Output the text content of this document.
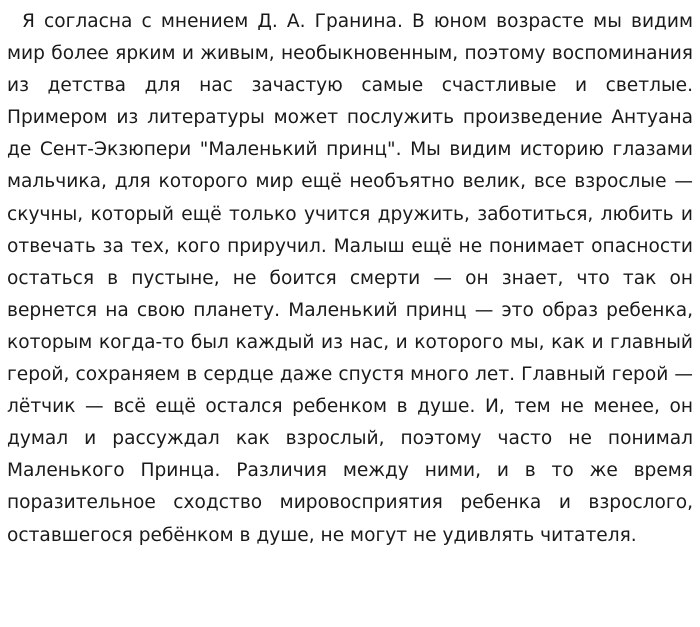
Я согласна с мнением Д. А. Гранина. В юном возрасте мы видим мир более ярким и живым, необыкновенным, поэтому воспоминания из детства для нас зачастую самые счастливые и светлые. Примером из литературы может послужить произведение Антуана де Сент-Экзюпери "Маленький принц". Мы видим историю глазами мальчика, для которого мир ещё необъятно велик, все взрослые — скучны, который ещё только учится дружить, заботиться, любить и отвечать за тех, кого приручил. Малыш ещё не понимает опасности остаться в пустыне, не боится смерти — он знает, что так он вернется на свою планету. Маленький принц — это образ ребенка, которым когда-то был каждый из нас, и которого мы, как и главный герой, сохраняем в сердце даже спустя много лет. Главный герой — лётчик — всё ещё остался ребенком в душе. И, тем не менее, он думал и рассуждал как взрослый, поэтому часто не понимал Маленького Принца. Различия между ними, и в то же время поразительное сходство мировосприятия ребенка и взрослого, оставшегося ребёнком в душе, не могут не удивлять читателя.
